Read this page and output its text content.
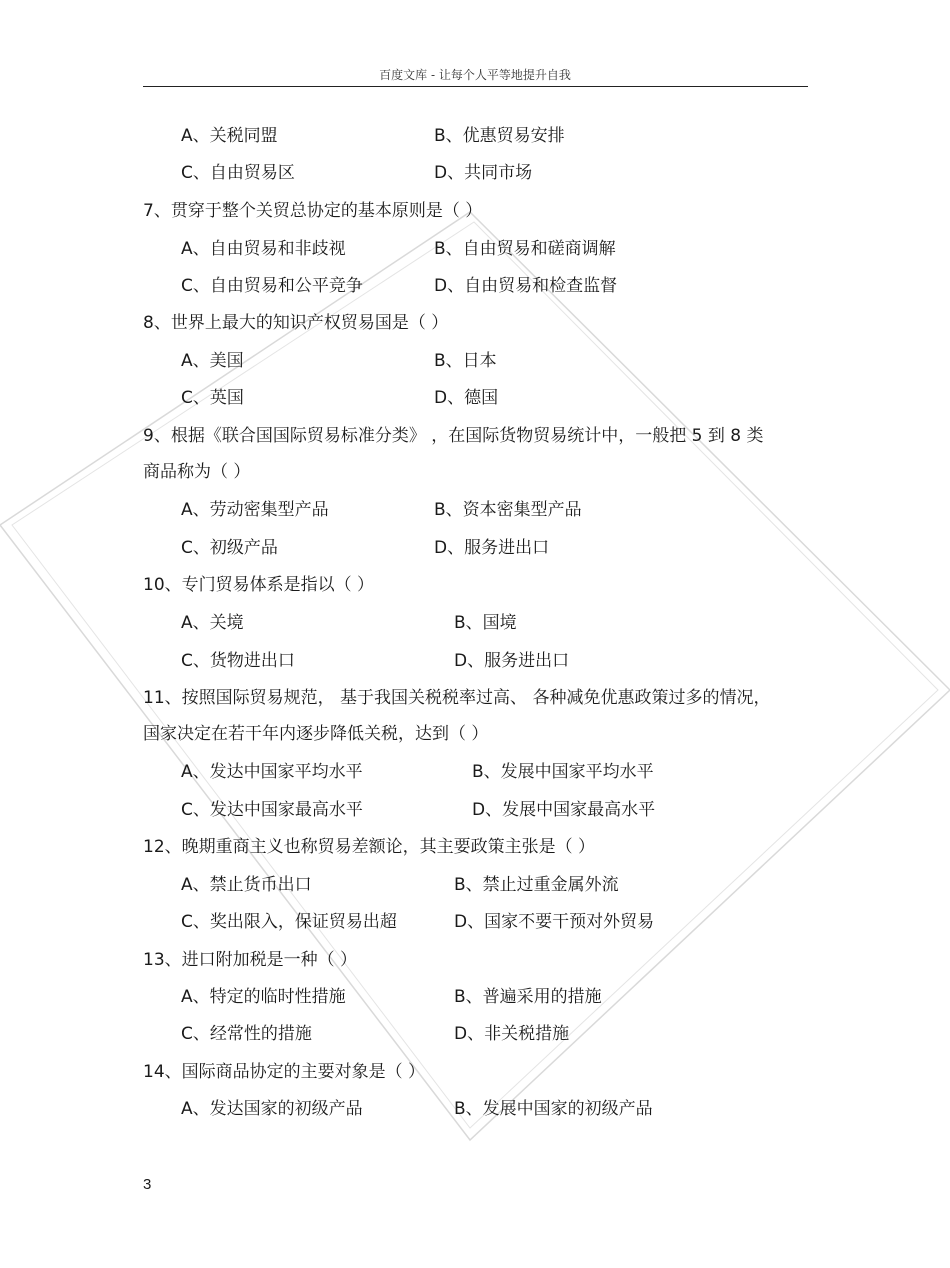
百度文库 - 让每个人平等地提升自我
A、关税同盟	B、优惠贸易安排
C、自由贸易区	D、共同市场
7、贯穿于整个关贸总协定的基本原则是（ ）
A、自由贸易和非歧视	B、自由贸易和磋商调解
C、自由贸易和公平竞争	D、自由贸易和检查监督
8、世界上最大的知识产权贸易国是（ ）
A、美国	B、日本
C、英国	D、德国
9、根据《联合国国际贸易标准分类》 ，在国际货物贸易统计中，一般把 5 到 8 类
商品称为（ ）
A、劳动密集型产品	B、资本密集型产品
C、初级产品	D、服务进出口
10、专门贸易体系是指以（ ）
A、关境	B、国境
C、货物进出口	D、服务进出口
11、按照国际贸易规范， 基于我国关税税率过高、 各种减免优惠政策过多的情况，
国家决定在若干年内逐步降低关税，达到（ ）
A、发达中国家平均水平	B、发展中国家平均水平
C、发达中国家最高水平	D、发展中国家最高水平
12、晚期重商主义也称贸易差额论，其主要政策主张是（ ）
A、禁止货币出口	B、禁止过重金属外流
C、奖出限入，保证贸易出超	D、国家不要干预对外贸易
13、进口附加税是一种（ ）
A、特定的临时性措施	B、普遍采用的措施
C、经常性的措施	D、非关税措施
14、国际商品协定的主要对象是（ ）
A、发达国家的初级产品	B、发展中国家的初级产品
3
